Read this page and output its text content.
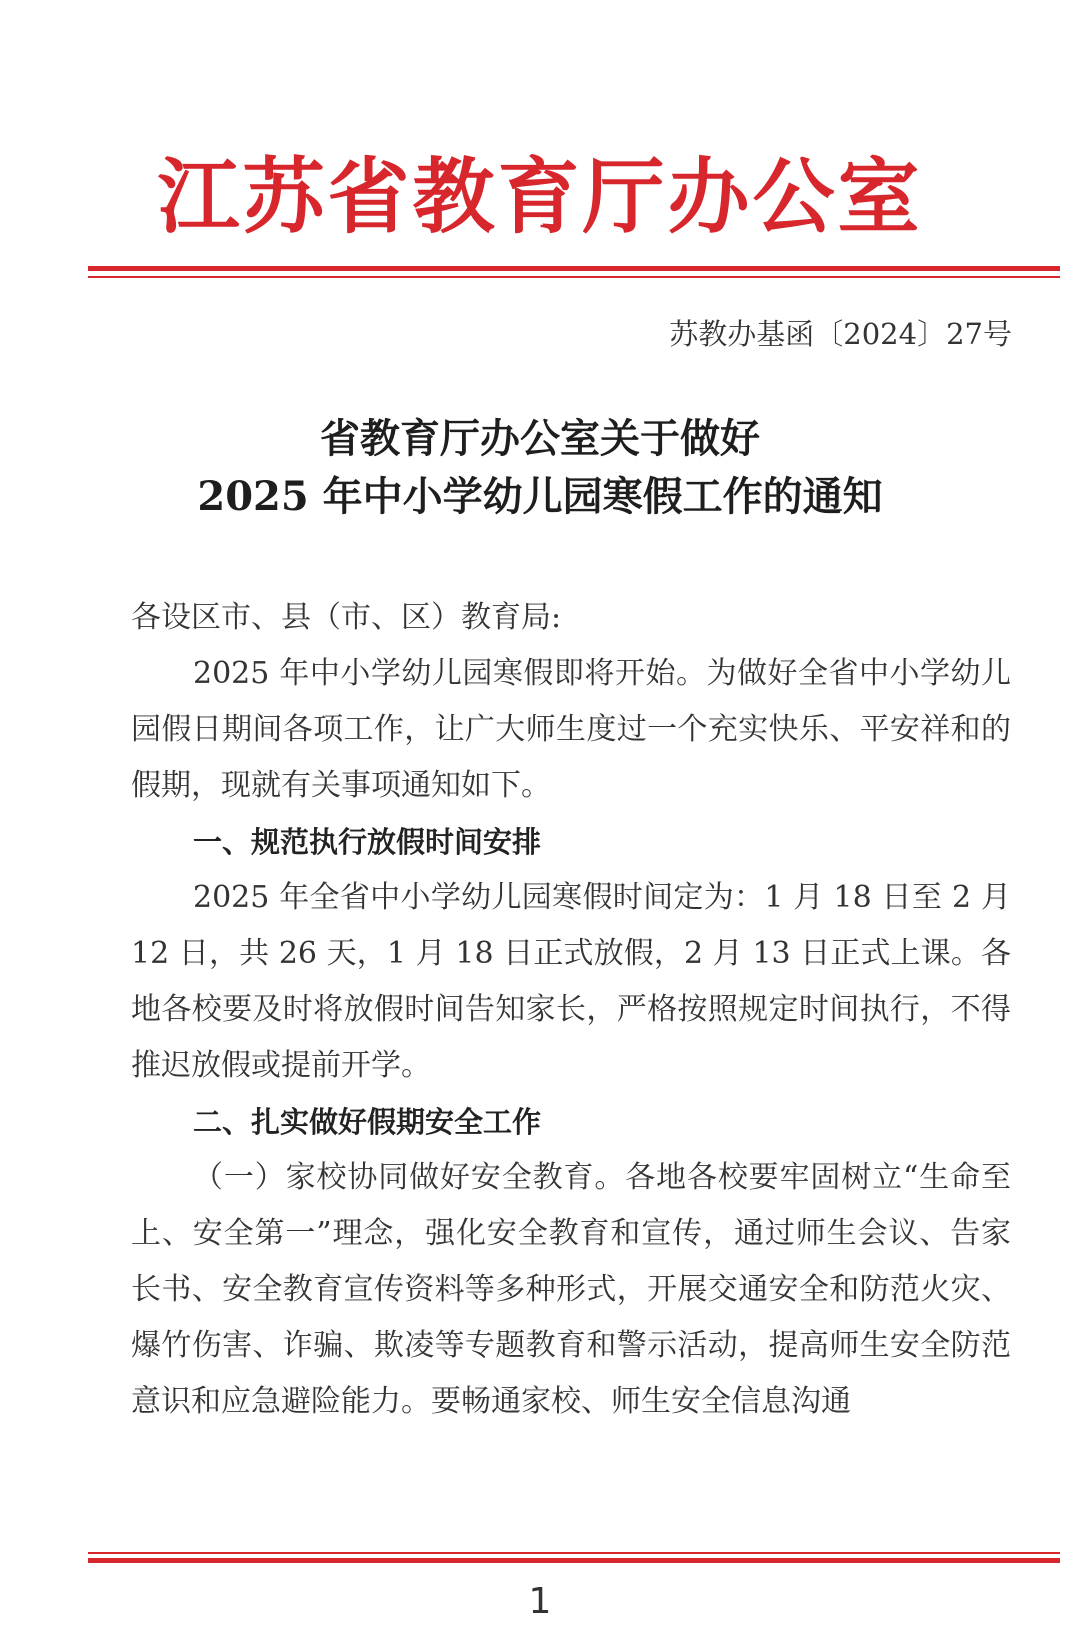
江苏省教育厅办公室
苏教办基函〔2024〕27号
省教育厅办公室关于做好
2025 年中小学幼儿园寒假工作的通知

各设区市、县（市、区）教育局:

2025 年中小学幼儿园寒假即将开始。为做好全省中小学幼儿园假日期间各项工作，让广大师生度过一个充实快乐、平安祥和的假期，现就有关事项通知如下。

一、规范执行放假时间安排

2025 年全省中小学幼儿园寒假时间定为：1 月 18 日至 2 月 12 日，共 26 天，1 月 18 日正式放假，2 月 13 日正式上课。各地各校要及时将放假时间告知家长，严格按照规定时间执行，不得推迟放假或提前开学。

二、扎实做好假期安全工作

（一）家校协同做好安全教育。各地各校要牢固树立“生命至上、安全第一”理念，强化安全教育和宣传，通过师生会议、告家长书、安全教育宣传资料等多种形式，开展交通安全和防范火灾、爆竹伤害、诈骗、欺凌等专题教育和警示活动，提高师生安全防范意识和应急避险能力。要畅通家校、师生安全信息沟通

1
